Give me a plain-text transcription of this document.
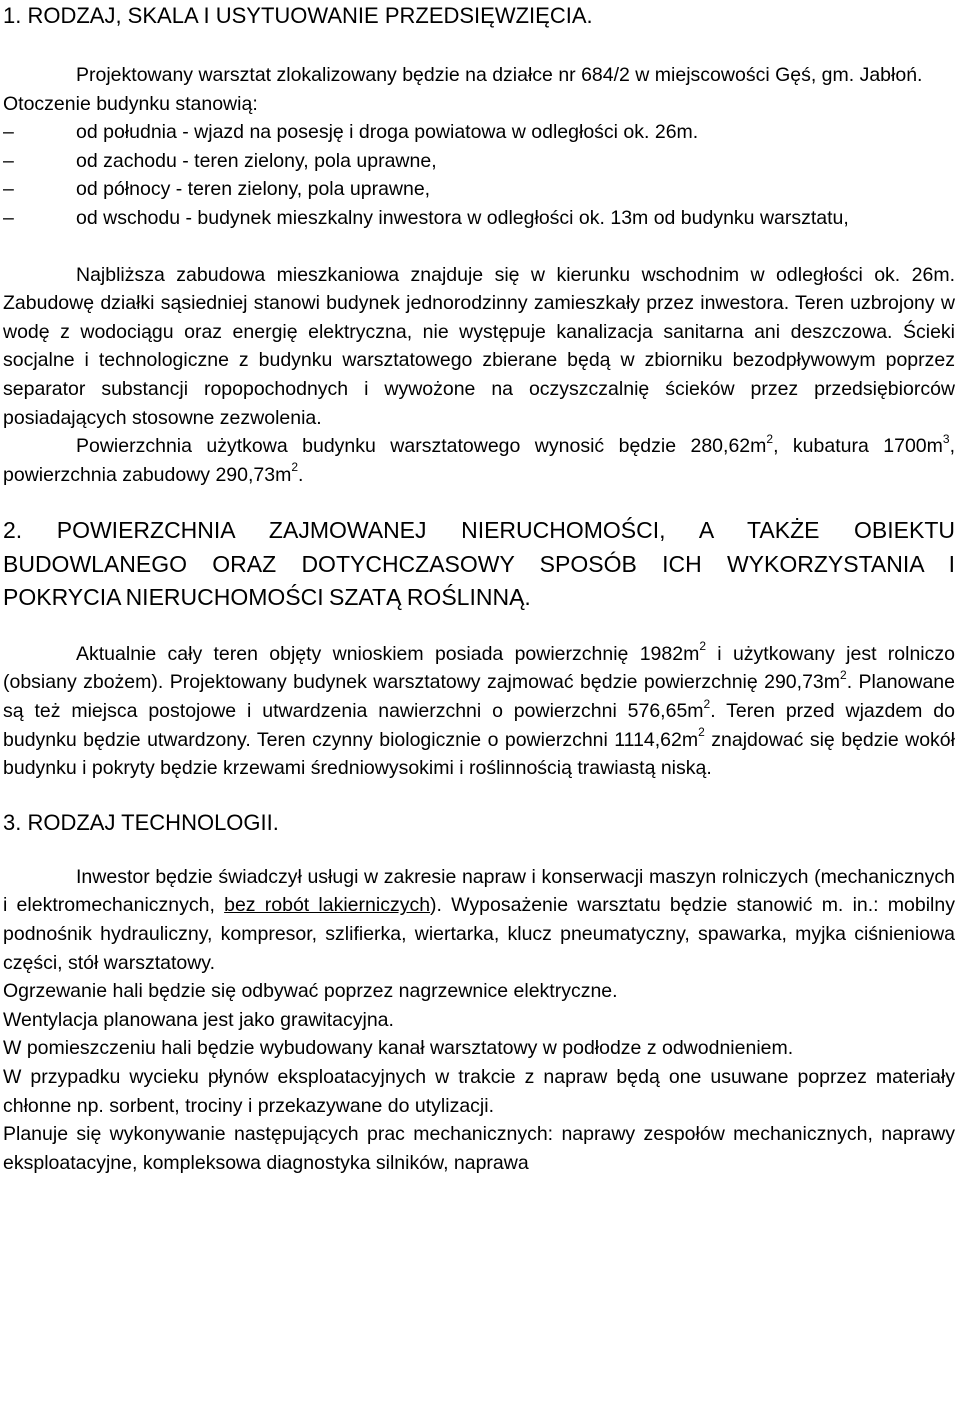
1. RODZAJ, SKALA I USYTUOWANIE PRZEDSIĘWZIĘCIA.

Projektowany warsztat zlokalizowany będzie na działce nr 684/2 w miejscowości Gęś, gm. Jabłoń.

Otoczenie budynku stanowią:

–	od południa - wjazd na posesję i droga powiatowa w odległości ok. 26m.
–	od zachodu - teren zielony, pola uprawne,
–	od północy - teren zielony, pola uprawne,
–	od wschodu - budynek mieszkalny inwestora w odległości ok. 13m od budynku warsztatu,

Najbliższa zabudowa mieszkaniowa znajduje się w kierunku wschodnim w odległości ok. 26m. Zabudowę działki sąsiedniej stanowi budynek jednorodzinny zamieszkały przez inwestora. Teren uzbrojony w wodę z wodociągu oraz energię elektryczna, nie występuje kanalizacja sanitarna ani deszczowa. Ścieki socjalne i technologiczne z budynku warsztatowego zbierane będą w zbiorniku bezodpływowym poprzez separator substancji ropopochodnych i wywożone na oczyszczalnię ścieków przez przedsiębiorców posiadających stosowne zezwolenia.

Powierzchnia użytkowa budynku warsztatowego wynosić będzie $280,62m^2$, kubatura $1700m^3$, powierzchnia zabudowy $290,73m^2$.

2. POWIERZCHNIA ZAJMOWANEJ NIERUCHOMOŚCI, A TAKŻE OBIEKTU BUDOWLANEGO ORAZ DOTYCHCZASOWY SPOSÓB ICH WYKORZYSTANIA I POKRYCIA NIERUCHOMOŚCI SZATĄ ROŚLINNĄ.

Aktualnie cały teren objęty wnioskiem posiada powierzchnię $1982m^2$ i użytkowany jest rolniczo (obsiany zbożem). Projektowany budynek warsztatowy zajmować będzie powierzchnię $290,73m^2$. Planowane są też miejsca postojowe i utwardzenia nawierzchni o powierzchni $576,65m^2$. Teren przed wjazdem do budynku będzie utwardzony. Teren czynny biologicznie o powierzchni $1114,62m^2$ znajdować się będzie wokół budynku i pokryty będzie krzewami średniowysokimi i roślinnością trawiastą niską.

3. RODZAJ TECHNOLOGII.

Inwestor będzie świadczył usługi w zakresie napraw i konserwacji maszyn rolniczych (mechanicznych i elektromechanicznych, bez robót lakierniczych). Wyposażenie warsztatu będzie stanowić m. in.: mobilny podnośnik hydrauliczny, kompresor, szlifierka, wiertarka, klucz pneumatyczny, spawarka, myjka ciśnieniowa części, stół warsztatowy.

Ogrzewanie hali będzie się odbywać poprzez nagrzewnice elektryczne.

Wentylacja planowana jest jako grawitacyjna.

W pomieszczeniu hali będzie wybudowany kanał warsztatowy w podłodze z odwodnieniem.

W przypadku wycieku płynów eksploatacyjnych w trakcie z napraw będą one usuwane poprzez materiały chłonne np. sorbent, trociny i przekazywane do utylizacji.

Planuje się wykonywanie następujących prac mechanicznych: naprawy zespołów mechanicznych, naprawy eksploatacyjne, kompleksowa diagnostyka silników, naprawa
